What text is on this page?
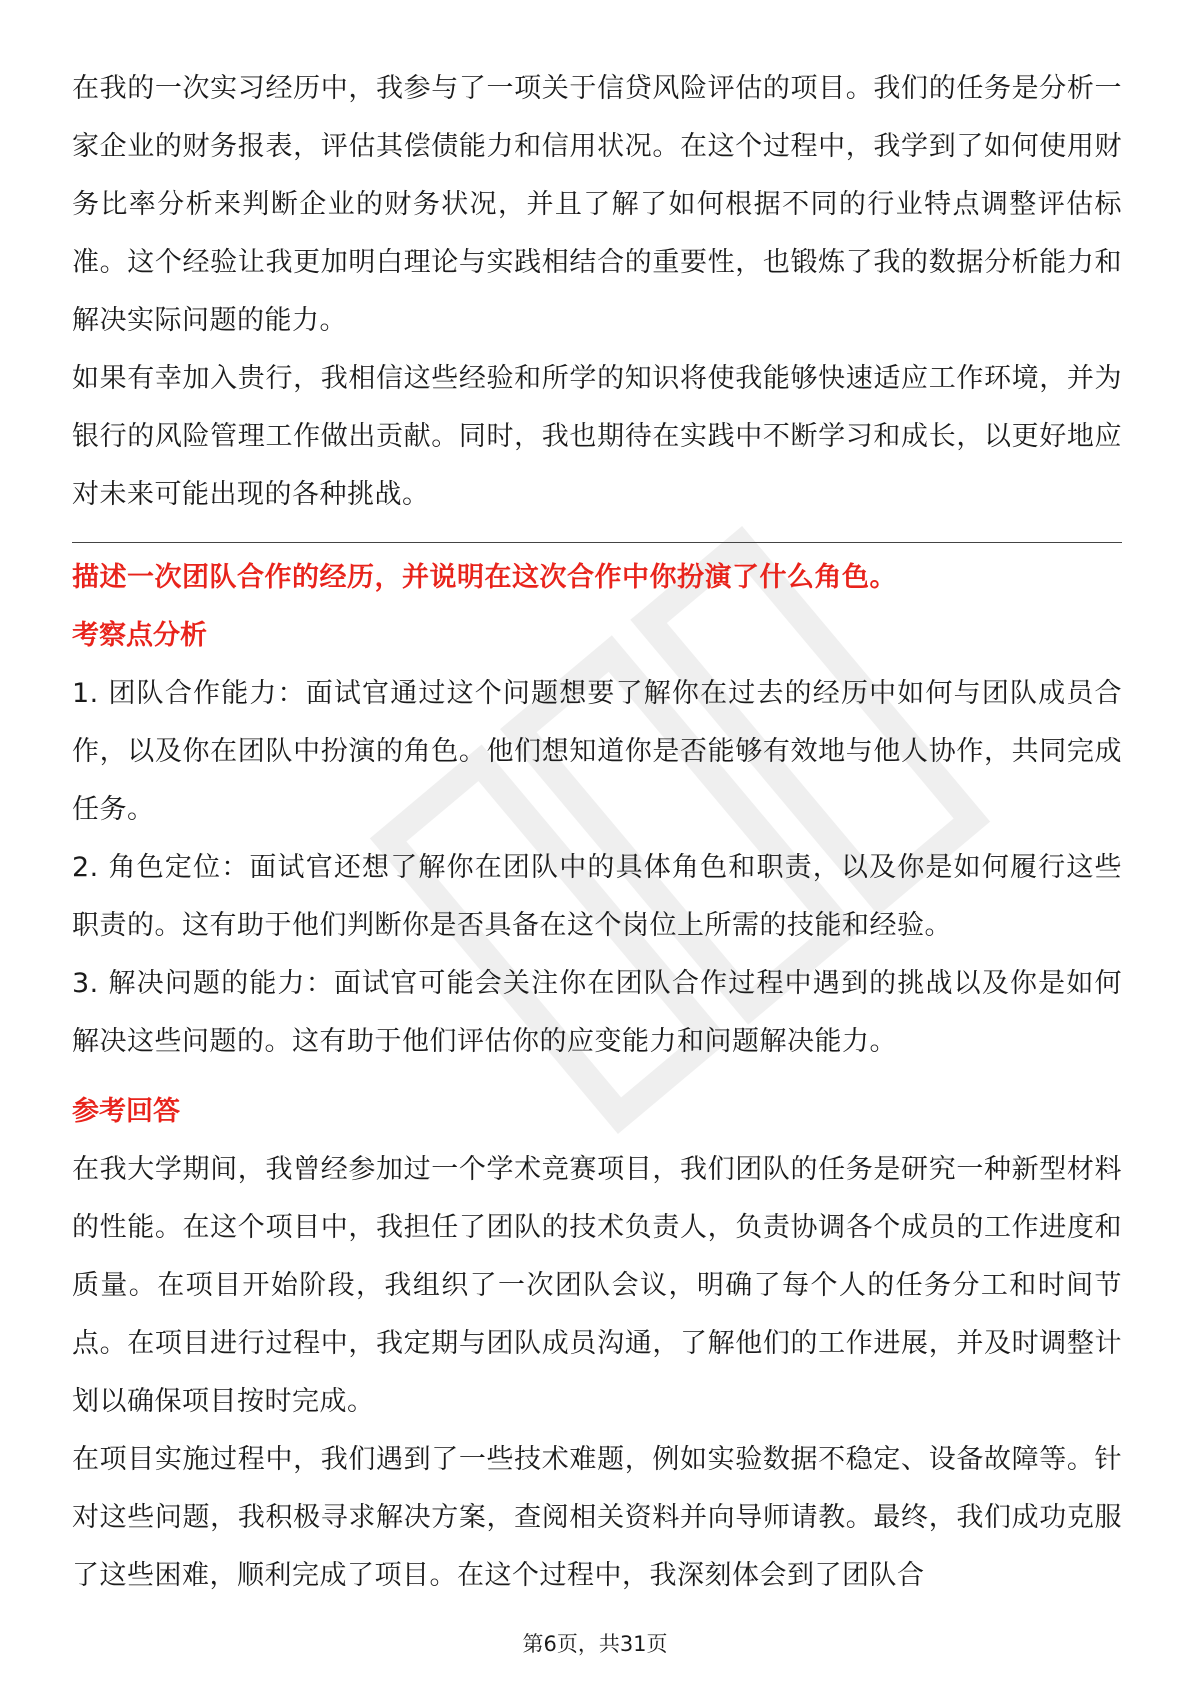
在我的一次实习经历中，我参与了一项关于信贷风险评估的项目。我们的任务是分析一家企业的财务报表，评估其偿债能力和信用状况。在这个过程中，我学到了如何使用财务比率分析来判断企业的财务状况，并且了解了如何根据不同的行业特点调整评估标准。这个经验让我更加明白理论与实践相结合的重要性，也锻炼了我的数据分析能力和解决实际问题的能力。

如果有幸加入贵行，我相信这些经验和所学的知识将使我能够快速适应工作环境，并为银行的风险管理工作做出贡献。同时，我也期待在实践中不断学习和成长，以更好地应对未来可能出现的各种挑战。

描述一次团队合作的经历，并说明在这次合作中你扮演了什么角色。

考察点分析

1. 团队合作能力：面试官通过这个问题想要了解你在过去的经历中如何与团队成员合作，以及你在团队中扮演的角色。他们想知道你是否能够有效地与他人协作，共同完成任务。

2. 角色定位：面试官还想了解你在团队中的具体角色和职责，以及你是如何履行这些职责的。这有助于他们判断你是否具备在这个岗位上所需的技能和经验。

3. 解决问题的能力：面试官可能会关注你在团队合作过程中遇到的挑战以及你是如何解决这些问题的。这有助于他们评估你的应变能力和问题解决能力。

参考回答

在我大学期间，我曾经参加过一个学术竞赛项目，我们团队的任务是研究一种新型材料的性能。在这个项目中，我担任了团队的技术负责人，负责协调各个成员的工作进度和质量。在项目开始阶段，我组织了一次团队会议，明确了每个人的任务分工和时间节点。在项目进行过程中，我定期与团队成员沟通，了解他们的工作进展，并及时调整计划以确保项目按时完成。

在项目实施过程中，我们遇到了一些技术难题，例如实验数据不稳定、设备故障等。针对这些问题，我积极寻求解决方案，查阅相关资料并向导师请教。最终，我们成功克服了这些困难，顺利完成了项目。在这个过程中，我深刻体会到了团队合

第6页，共31页
